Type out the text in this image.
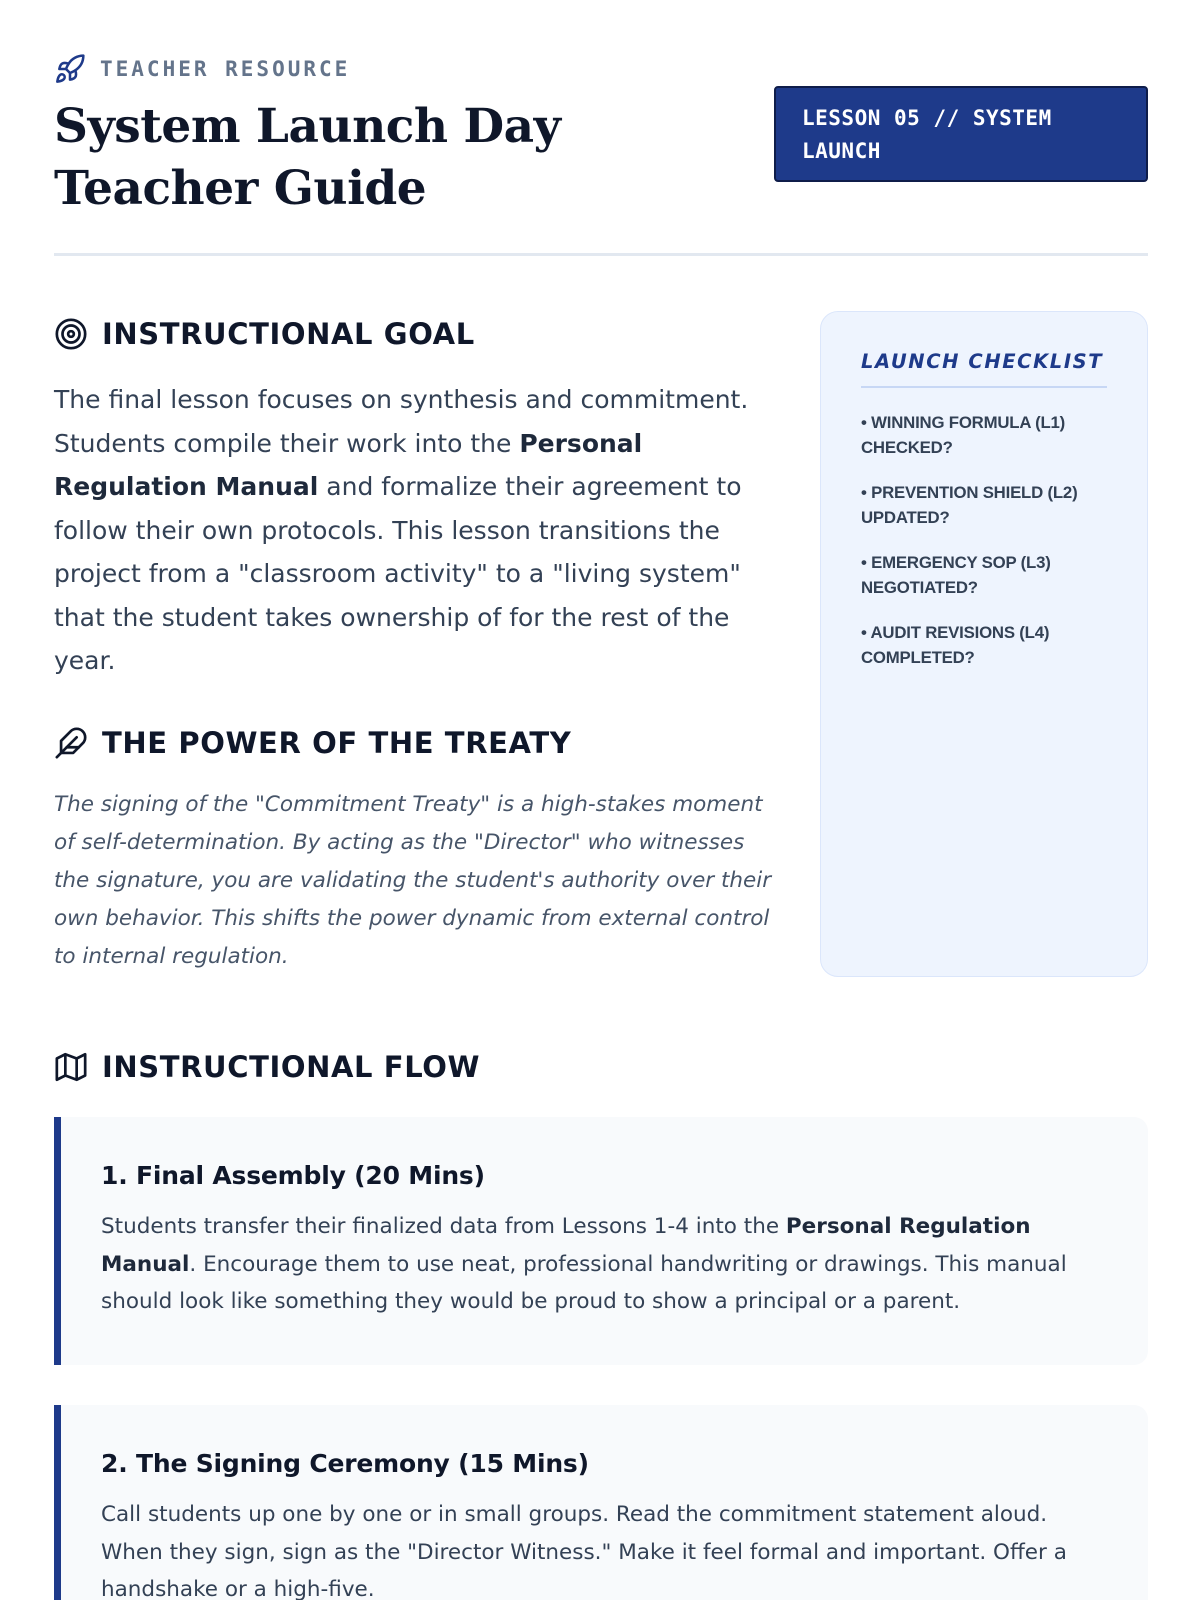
TEACHER RESOURCE
System Launch Day Teacher Guide
LESSON 05 // SYSTEM LAUNCH
INSTRUCTIONAL GOAL

The final lesson focuses on synthesis and commitment. Students compile their work into the Personal Regulation Manual and formalize their agreement to follow their own protocols. This lesson transitions the project from a "classroom activity" to a "living system" that the student takes ownership of for the rest of the year.

THE POWER OF THE TREATY

The signing of the "Commitment Treaty" is a high-stakes moment of self-determination. By acting as the "Director" who witnesses the signature, you are validating the student's authority over their own behavior. This shifts the power dynamic from external control to internal regulation.

LAUNCH CHECKLIST
• WINNING FORMULA (L1) CHECKED?
• PREVENTION SHIELD (L2) UPDATED?
• EMERGENCY SOP (L3) NEGOTIATED?
• AUDIT REVISIONS (L4) COMPLETED?
INSTRUCTIONAL FLOW
1. Final Assembly (20 Mins)

Students transfer their finalized data from Lessons 1-4 into the Personal Regulation Manual. Encourage them to use neat, professional handwriting or drawings. This manual should look like something they would be proud to show a principal or a parent.

2. The Signing Ceremony (15 Mins)

Call students up one by one or in small groups. Read the commitment statement aloud. When they sign, sign as the "Director Witness." Make it feel formal and important. Offer a handshake or a high-five.
